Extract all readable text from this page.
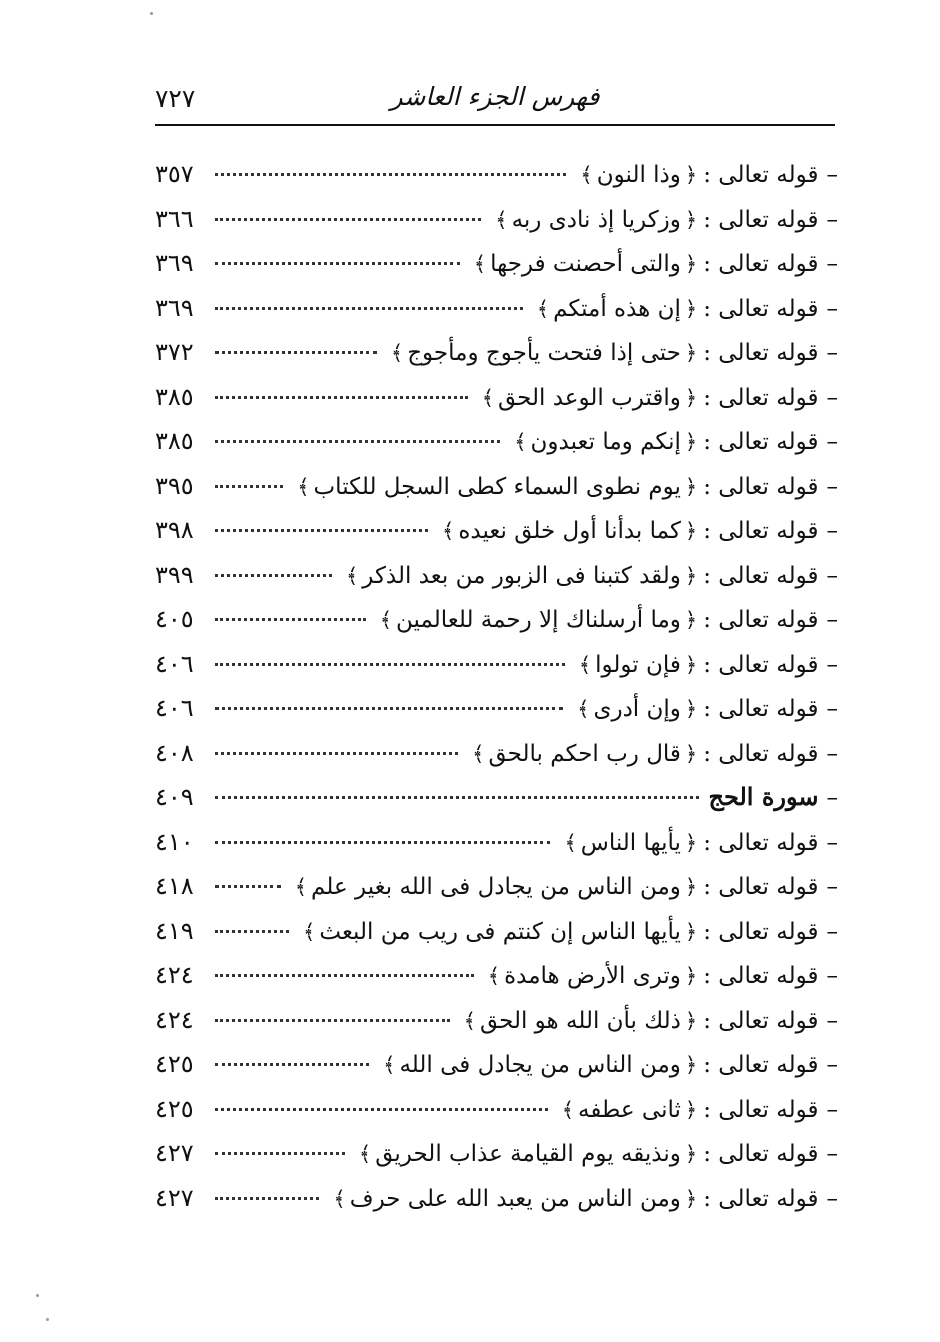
٧٢٧	فهرس الجزء العاشر
–
قوله تعالى :
﴿
وذا النون
﴾
٣٥٧
–
قوله تعالى :
﴿
وزكريا إذ نادى ربه
﴾
٣٦٦
–
قوله تعالى :
﴿
والتى أحصنت فرجها
﴾
٣٦٩
–
قوله تعالى :
﴿
إن هذه أمتكم
﴾
٣٦٩
–
قوله تعالى :
﴿
حتى إذا فتحت يأجوج ومأجوج
﴾
٣٧٢
–
قوله تعالى :
﴿
واقترب الوعد الحق
﴾
٣٨٥
–
قوله تعالى :
﴿
إنكم وما تعبدون
﴾
٣٨٥
–
قوله تعالى :
﴿
يوم نطوى السماء كطى السجل للكتاب
﴾
٣٩٥
–
قوله تعالى :
﴿
كما بدأنا أول خلق نعيده
﴾
٣٩٨
–
قوله تعالى :
﴿
ولقد كتبنا فى الزبور من بعد الذكر
﴾
٣٩٩
–
قوله تعالى :
﴿
وما أرسلناك إلا رحمة للعالمين
﴾
٤٠٥
–
قوله تعالى :
﴿
فإن تولوا
﴾
٤٠٦
–
قوله تعالى :
﴿
وإن أدرى
﴾
٤٠٦
–
قوله تعالى :
﴿
قال رب احكم بالحق
﴾
٤٠٨
–
سورة الحج
٤٠٩
–
قوله تعالى :
﴿
يأيها الناس
﴾
٤١٠
–
قوله تعالى :
﴿
ومن الناس من يجادل فى الله بغير علم
﴾
٤١٨
–
قوله تعالى :
﴿
يأيها الناس إن كنتم فى ريب من البعث
﴾
٤١٩
–
قوله تعالى :
﴿
وترى الأرض هامدة
﴾
٤٢٤
–
قوله تعالى :
﴿
ذلك بأن الله هو الحق
﴾
٤٢٤
–
قوله تعالى :
﴿
ومن الناس من يجادل فى الله
﴾
٤٢٥
–
قوله تعالى :
﴿
ثانى عطفه
﴾
٤٢٥
–
قوله تعالى :
﴿
ونذيقه يوم القيامة عذاب الحريق
﴾
٤٢٧
–
قوله تعالى :
﴿
ومن الناس من يعبد الله على حرف
﴾
٤٢٧
